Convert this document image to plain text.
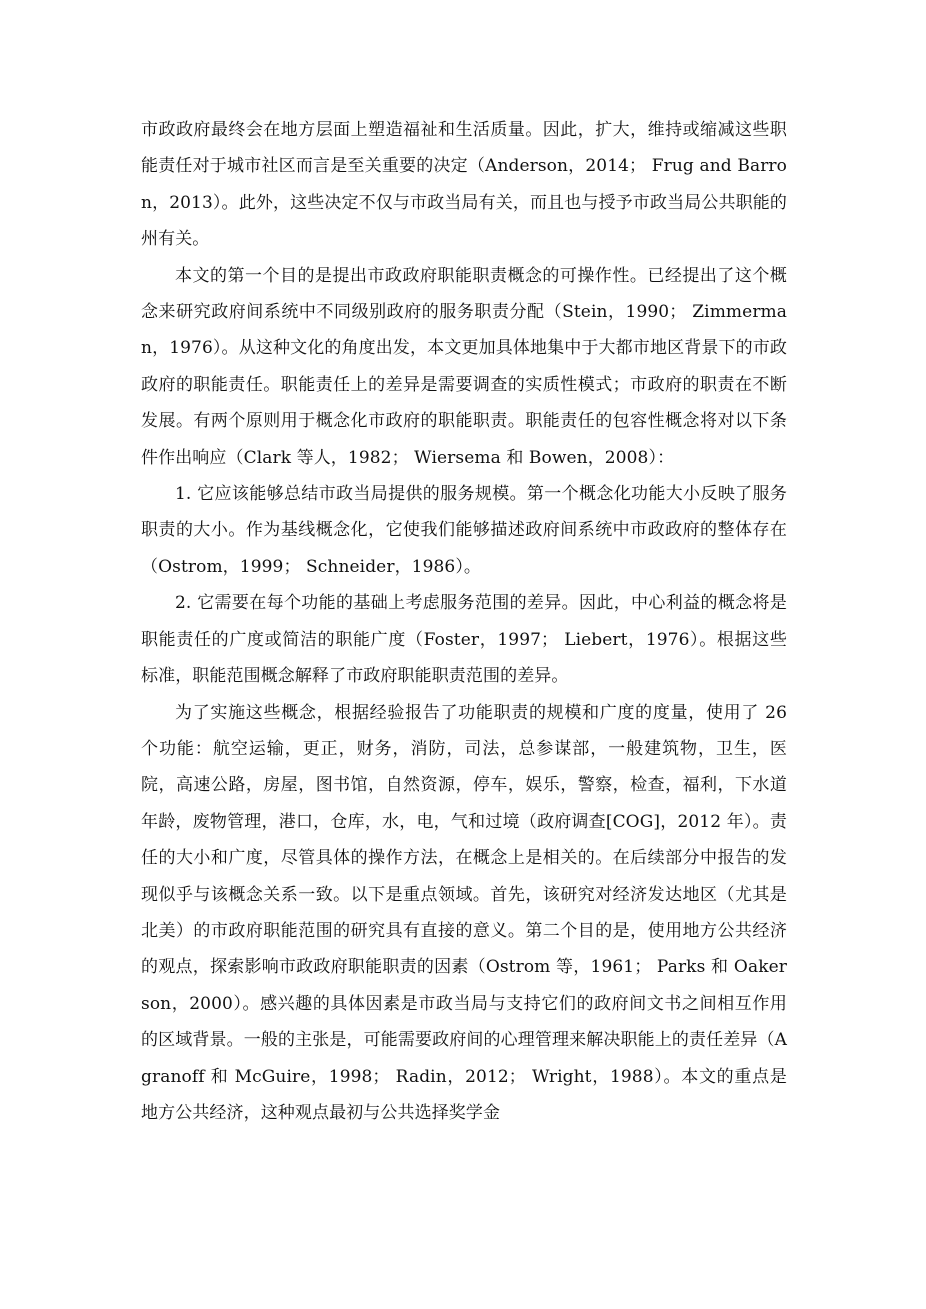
市政政府最终会在地方层面上塑造福祉和生活质量。因此，扩大，维持或缩减这些职能责任对于城市社区而言是至关重要的决定（Anderson，2014； Frug and Barron，2013）。此外，这些决定不仅与市政当局有关，而且也与授予市政当局公共职能的州有关。

本文的第一个目的是提出市政政府职能职责概念的可操作性。已经提出了这个概念来研究政府间系统中不同级别政府的服务职责分配（Stein，1990； Zimmerman，1976）。从这种文化的角度出发，本文更加具体地集中于大都市地区背景下的市政政府的职能责任。职能责任上的差异是需要调查的实质性模式；市政府的职责在不断发展。有两个原则用于概念化市政府的职能职责。职能责任的包容性概念将对以下条件作出响应（Clark 等人，1982； Wiersema 和 Bowen，2008）：

1. 它应该能够总结市政当局提供的服务规模。第一个概念化功能大小反映了服务职责的大小。作为基线概念化，它使我们能够描述政府间系统中市政政府的整体存在（Ostrom，1999； Schneider，1986）。

2. 它需要在每个功能的基础上考虑服务范围的差异。因此，中心利益的概念将是职能责任的广度或简洁的职能广度（Foster，1997； Liebert，1976）。根据这些标准，职能范围概念解释了市政府职能职责范围的差异。

为了实施这些概念，根据经验报告了功能职责的规模和广度的度量，使用了 26 个功能：航空运输，更正，财务，消防，司法，总参谋部，一般建筑物，卫生，医院，高速公路，房屋，图书馆，自然资源，停车，娱乐，警察，检查，福利，下水道年龄，废物管理，港口，仓库，水，电，气和过境（政府调查[COG]，2012 年）。责任的大小和广度，尽管具体的操作方法，在概念上是相关的。在后续部分中报告的发现似乎与该概念关系一致。以下是重点领域。首先，该研究对经济发达地区（尤其是北美）的市政府职能范围的研究具有直接的意义。第二个目的是，使用地方公共经济的观点，探索影响市政政府职能职责的因素（Ostrom 等，1961； Parks 和 Oakerson，2000）。感兴趣的具体因素是市政当局与支持它们的政府间文书之间相互作用的区域背景。一般的主张是，可能需要政府间的心理管理来解决职能上的责任差异（Agranoff 和 McGuire，1998； Radin，2012； Wright，1988）。本文的重点是地方公共经济，这种观点最初与公共选择奖学金
